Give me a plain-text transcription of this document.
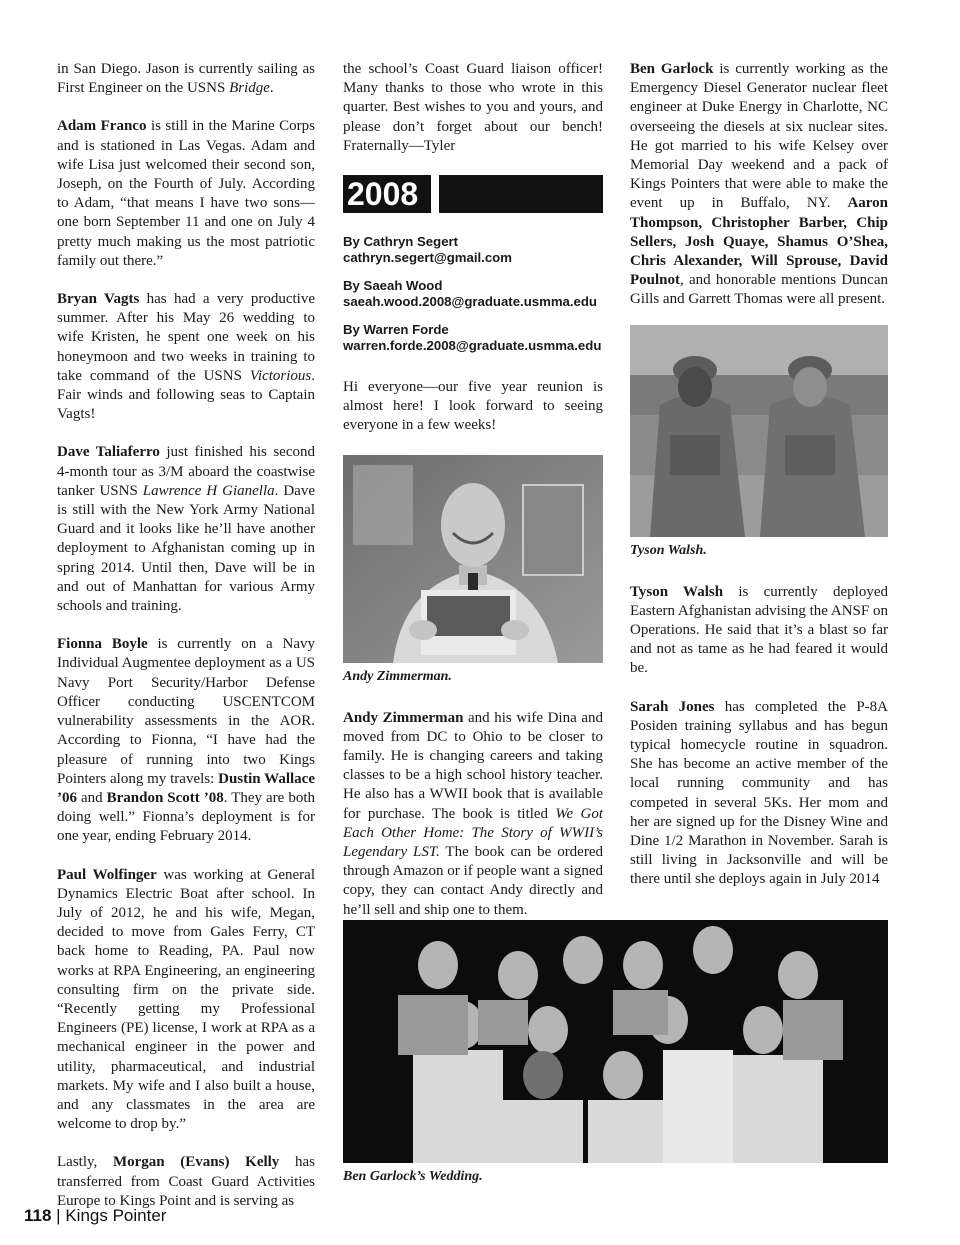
in San Diego. Jason is currently sailing as First Engineer on the USNS Bridge.

Adam Franco is still in the Marine Corps and is stationed in Las Vegas. Adam and wife Lisa just welcomed their second son, Joseph, on the Fourth of July. According to Adam, “that means I have two sons—one born September 11 and one on July 4 pretty much making us the most patriotic family out there.”

Bryan Vagts has had a very productive summer. After his May 26 wedding to wife Kristen, he spent one week on his honeymoon and two weeks in training to take command of the USNS Victorious. Fair winds and following seas to Captain Vagts!

Dave Taliaferro just finished his second 4-month tour as 3/M aboard the coastwise tanker USNS Lawrence H Gianella. Dave is still with the New York Army National Guard and it looks like he’ll have another deployment to Afghanistan coming up in spring 2014. Until then, Dave will be in and out of Manhattan for various Army schools and training.

Fionna Boyle is currently on a Navy Individual Augmentee deployment as a US Navy Port Security/Harbor Defense Officer conducting USCENTCOM vulnerability assessments in the AOR. According to Fionna, “I have had the pleasure of running into two Kings Pointers along my travels: Dustin Wallace ’06 and Brandon Scott ’08. They are both doing well.” Fionna’s deployment is for one year, ending February 2014.

Paul Wolfinger was working at General Dynamics Electric Boat after school. In July of 2012, he and his wife, Megan, decided to move from Gales Ferry, CT back home to Reading, PA. Paul now works at RPA Engineering, an engineering consulting firm on the private side. “Recently getting my Professional Engineers (PE) license, I work at RPA as a mechanical engineer in the power and utility, pharmaceutical, and industrial markets. My wife and I also built a house, and any classmates in the area are welcome to drop by.”

Lastly, Morgan (Evans) Kelly has transferred from Coast Guard Activities Europe to Kings Point and is serving as

the school’s Coast Guard liaison officer! Many thanks to those who wrote in this quarter. Best wishes to you and yours, and please don’t forget about our bench! Fraternally—Tyler

2008
By Cathryn Segert
cathryn.segert@gmail.com
By Saeah Wood
saeah.wood.2008@graduate.usmma.edu
By Warren Forde
warren.forde.2008@graduate.usmma.edu

Hi everyone—our five year reunion is almost here! I look forward to seeing everyone in a few weeks!

Andy Zimmerman.

Andy Zimmerman and his wife Dina and moved from DC to Ohio to be closer to family. He is changing careers and taking classes to be a high school history teacher. He also has a WWII book that is available for purchase. The book is titled We Got Each Other Home: The Story of WWII’s Legendary LST. The book can be ordered through Amazon or if people want a signed copy, they can contact Andy directly and he’ll sell and ship one to them.

Ben Garlock is currently working as the Emergency Diesel Generator nuclear fleet engineer at Duke Energy in Charlotte, NC overseeing the diesels at six nuclear sites. He got married to his wife Kelsey over Memorial Day weekend and a pack of Kings Pointers that were able to make the event up in Buffalo, NY. Aaron Thompson, Christopher Barber, Chip Sellers, Josh Quaye, Shamus O’Shea, Chris Alexander, Will Sprouse, David Poulnot, and honorable mentions Duncan Gills and Garrett Thomas were all present.

Tyson Walsh.

Tyson Walsh is currently deployed Eastern Afghanistan advising the ANSF on Operations. He said that it’s a blast so far and not as tame as he had feared it would be.

Sarah Jones has completed the P-8A Posiden training syllabus and has begun typical homecycle routine in squadron. She has become an active member of the local running community and has competed in several 5Ks. Her mom and her are signed up for the Disney Wine and Dine 1/2 Marathon in November. Sarah is still living in Jacksonville and will be there until she deploys again in July 2014

Ben Garlock’s Wedding.
118 | Kings Pointer
